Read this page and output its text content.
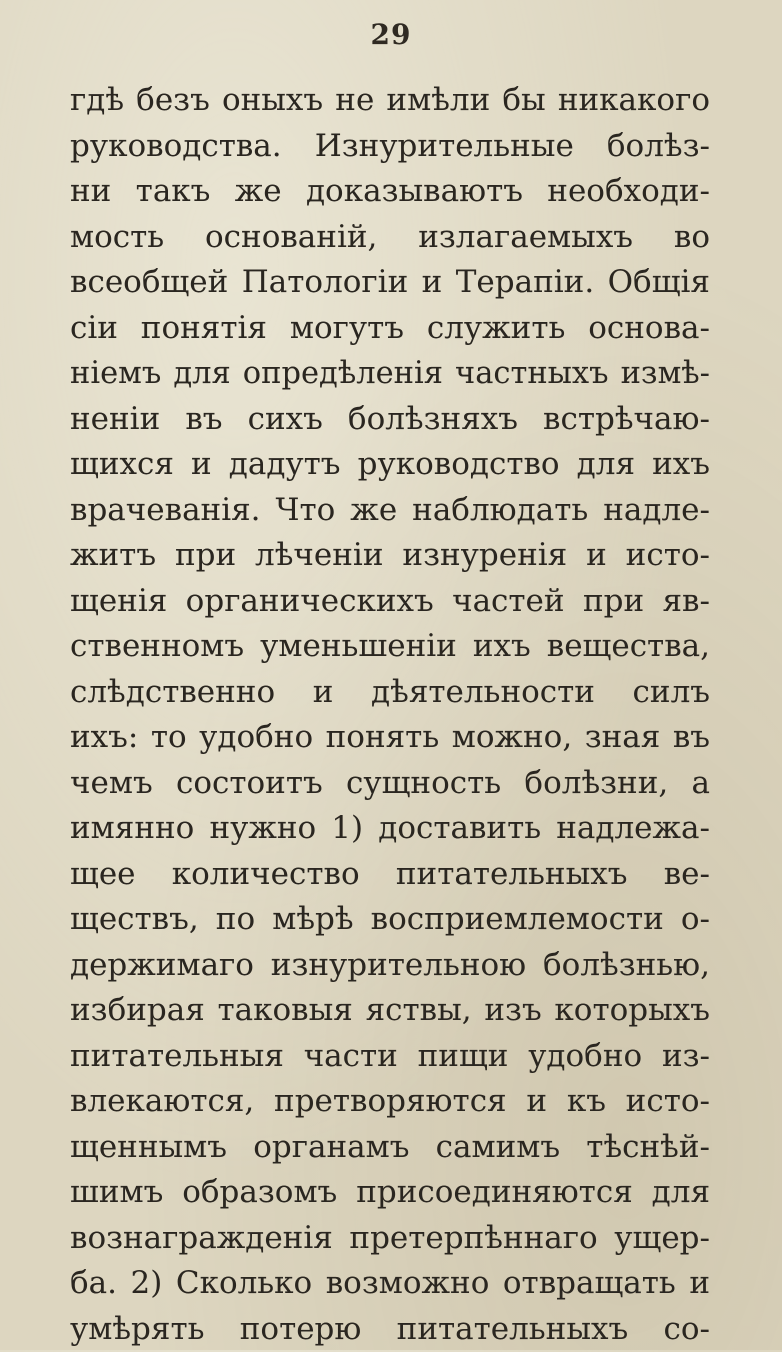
29
гдѣ безъ оныхъ не имѣли бы никакого
руководства. Изнурительные болѣз-
ни такъ же доказываютъ необходи-
мость основаній, излагаемыхъ во
всеобщей Патологіи и Терапіи. Общія
сіи понятія могутъ служить основа-
ніемъ для опредѣленія частныхъ измѣ-
неніи въ сихъ болѣзняхъ встрѣчаю-
щихся и дадутъ руководство для ихъ
врачеванія. Что же наблюдать надле-
житъ при лѣченіи изнуренія и исто-
щенія органическихъ частей при яв-
ственномъ уменьшеніи ихъ вещества,
слѣдственно и дѣятельности силъ
ихъ: то удобно понять можно, зная въ
чемъ состоитъ сущность болѣзни, а
имянно нужно 1) доставить надлежа-
щее количество питательныхъ ве-
ществъ, по мѣрѣ восприемлемости о-
держимаго изнурительною болѣзнью,
избирая таковыя яствы, изъ которыхъ
питательныя части пищи удобно из-
влекаются, претворяются и къ исто-
щеннымъ органамъ самимъ тѣснѣй-
шимъ образомъ присоединяются для
вознагражденія претерпѣннаго ущер-
ба. 2) Сколько возможно отвращать и
умѣрять потерю питательныхъ со-
